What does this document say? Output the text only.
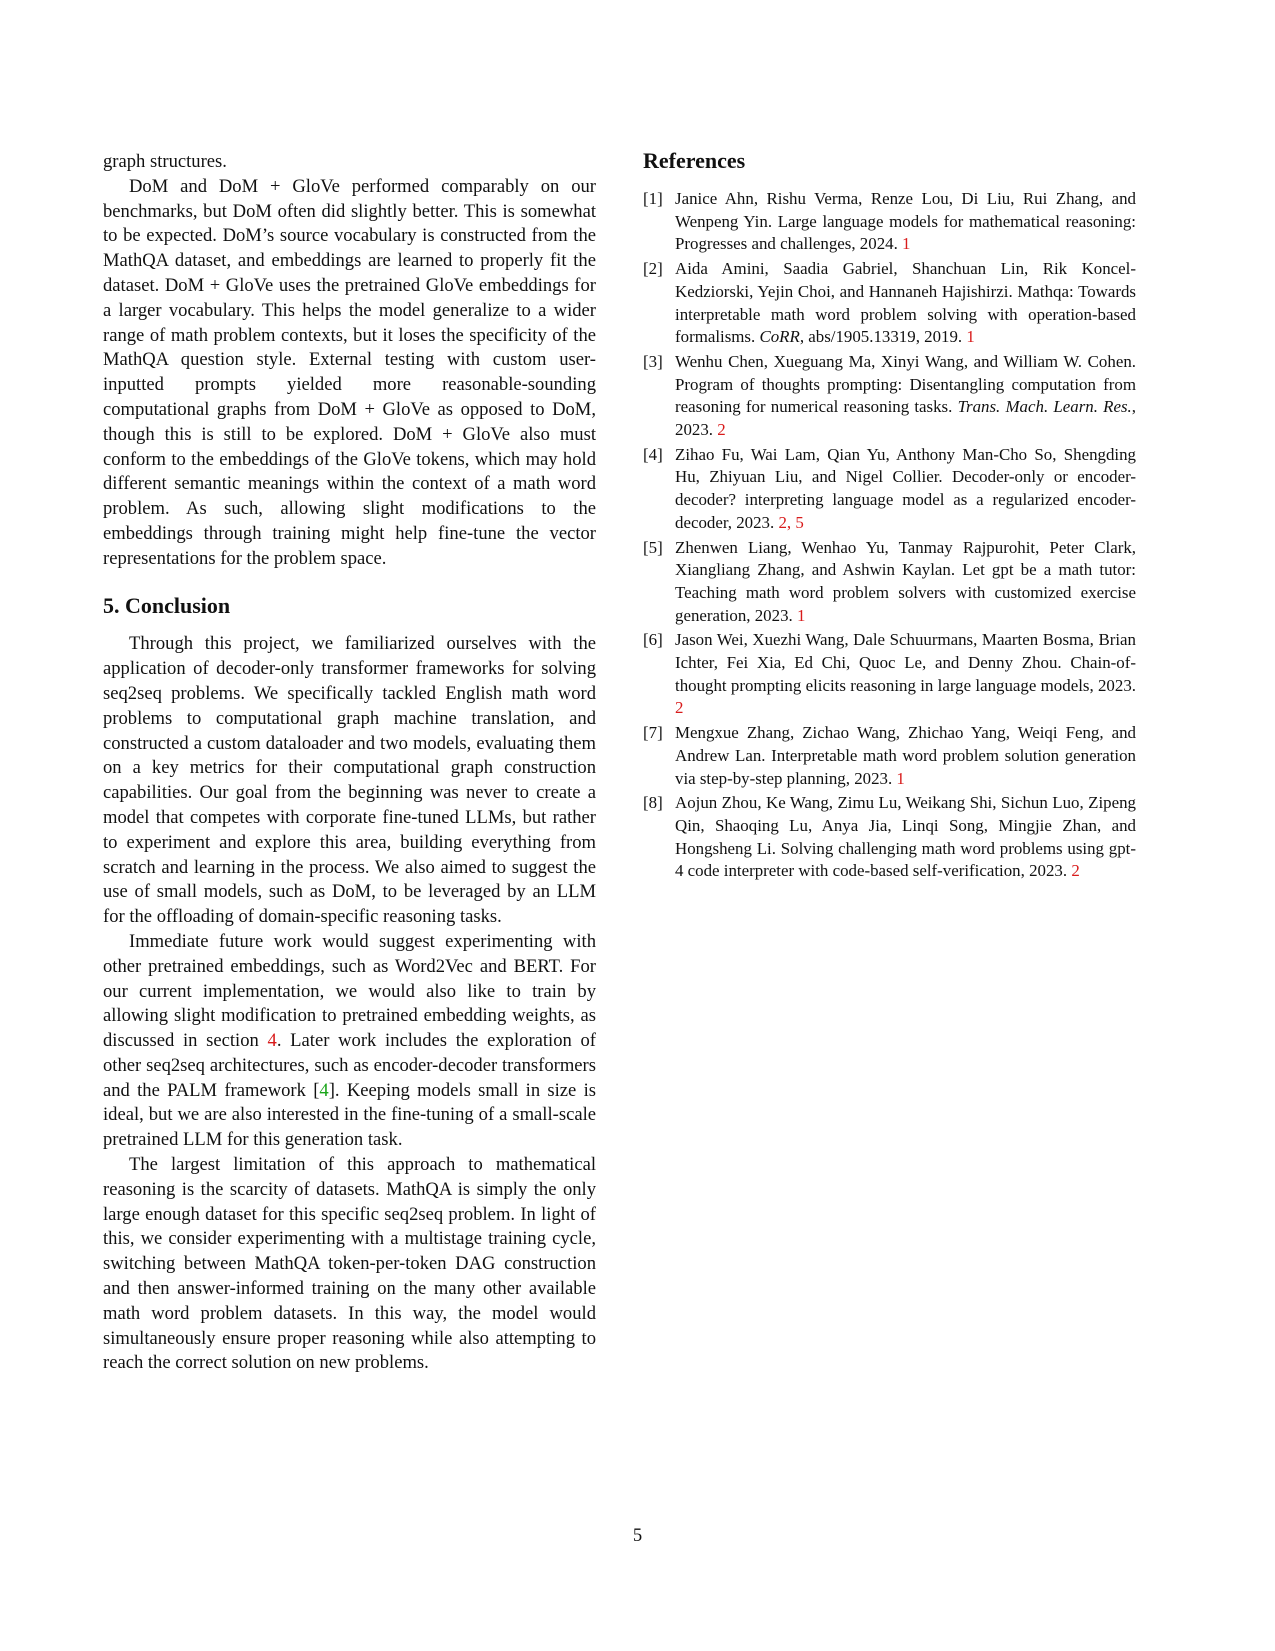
graph structures.

DoM and DoM + GloVe performed comparably on our benchmarks, but DoM often did slightly better. This is somewhat to be expected. DoM’s source vocabulary is constructed from the MathQA dataset, and embeddings are learned to properly fit the dataset. DoM + GloVe uses the pretrained GloVe embeddings for a larger vocabulary. This helps the model generalize to a wider range of math problem contexts, but it loses the specificity of the MathQA question style. External testing with custom user-inputted prompts yielded more reasonable-sounding computational graphs from DoM + GloVe as opposed to DoM, though this is still to be explored. DoM + GloVe also must conform to the embeddings of the GloVe tokens, which may hold different semantic meanings within the context of a math word problem. As such, allowing slight modifications to the embeddings through training might help fine-tune the vector representations for the problem space.

5. Conclusion

Through this project, we familiarized ourselves with the application of decoder-only transformer frameworks for solving seq2seq problems. We specifically tackled English math word problems to computational graph machine translation, and constructed a custom dataloader and two models, evaluating them on a key metrics for their computational graph construction capabilities. Our goal from the beginning was never to create a model that competes with corporate fine-tuned LLMs, but rather to experiment and explore this area, building everything from scratch and learning in the process. We also aimed to suggest the use of small models, such as DoM, to be leveraged by an LLM for the offloading of domain-specific reasoning tasks.

Immediate future work would suggest experimenting with other pretrained embeddings, such as Word2Vec and BERT. For our current implementation, we would also like to train by allowing slight modification to pretrained embedding weights, as discussed in section 4. Later work includes the exploration of other seq2seq architectures, such as encoder-decoder transformers and the PALM framework [4]. Keeping models small in size is ideal, but we are also interested in the fine-tuning of a small-scale pretrained LLM for this generation task.

The largest limitation of this approach to mathematical reasoning is the scarcity of datasets. MathQA is simply the only large enough dataset for this specific seq2seq problem. In light of this, we consider experimenting with a multistage training cycle, switching between MathQA token-per-token DAG construction and then answer-informed training on the many other available math word problem datasets. In this way, the model would simultaneously ensure proper reasoning while also attempting to reach the correct solution on new problems.

References
[1] Janice Ahn, Rishu Verma, Renze Lou, Di Liu, Rui Zhang, and Wenpeng Yin. Large language models for mathematical reasoning: Progresses and challenges, 2024. 1
[2] Aida Amini, Saadia Gabriel, Shanchuan Lin, Rik Koncel-Kedziorski, Yejin Choi, and Hannaneh Hajishirzi. Mathqa: Towards interpretable math word problem solving with operation-based formalisms. CoRR, abs/1905.13319, 2019. 1
[3] Wenhu Chen, Xueguang Ma, Xinyi Wang, and William W. Cohen. Program of thoughts prompting: Disentangling computation from reasoning for numerical reasoning tasks. Trans. Mach. Learn. Res., 2023. 2
[4] Zihao Fu, Wai Lam, Qian Yu, Anthony Man-Cho So, Shengding Hu, Zhiyuan Liu, and Nigel Collier. Decoder-only or encoder-decoder? interpreting language model as a regularized encoder-decoder, 2023. 2, 5
[5] Zhenwen Liang, Wenhao Yu, Tanmay Rajpurohit, Peter Clark, Xiangliang Zhang, and Ashwin Kaylan. Let gpt be a math tutor: Teaching math word problem solvers with customized exercise generation, 2023. 1
[6] Jason Wei, Xuezhi Wang, Dale Schuurmans, Maarten Bosma, Brian Ichter, Fei Xia, Ed Chi, Quoc Le, and Denny Zhou. Chain-of-thought prompting elicits reasoning in large language models, 2023. 2
[7] Mengxue Zhang, Zichao Wang, Zhichao Yang, Weiqi Feng, and Andrew Lan. Interpretable math word problem solution generation via step-by-step planning, 2023. 1
[8] Aojun Zhou, Ke Wang, Zimu Lu, Weikang Shi, Sichun Luo, Zipeng Qin, Shaoqing Lu, Anya Jia, Linqi Song, Mingjie Zhan, and Hongsheng Li. Solving challenging math word problems using gpt-4 code interpreter with code-based self-verification, 2023. 2
5
